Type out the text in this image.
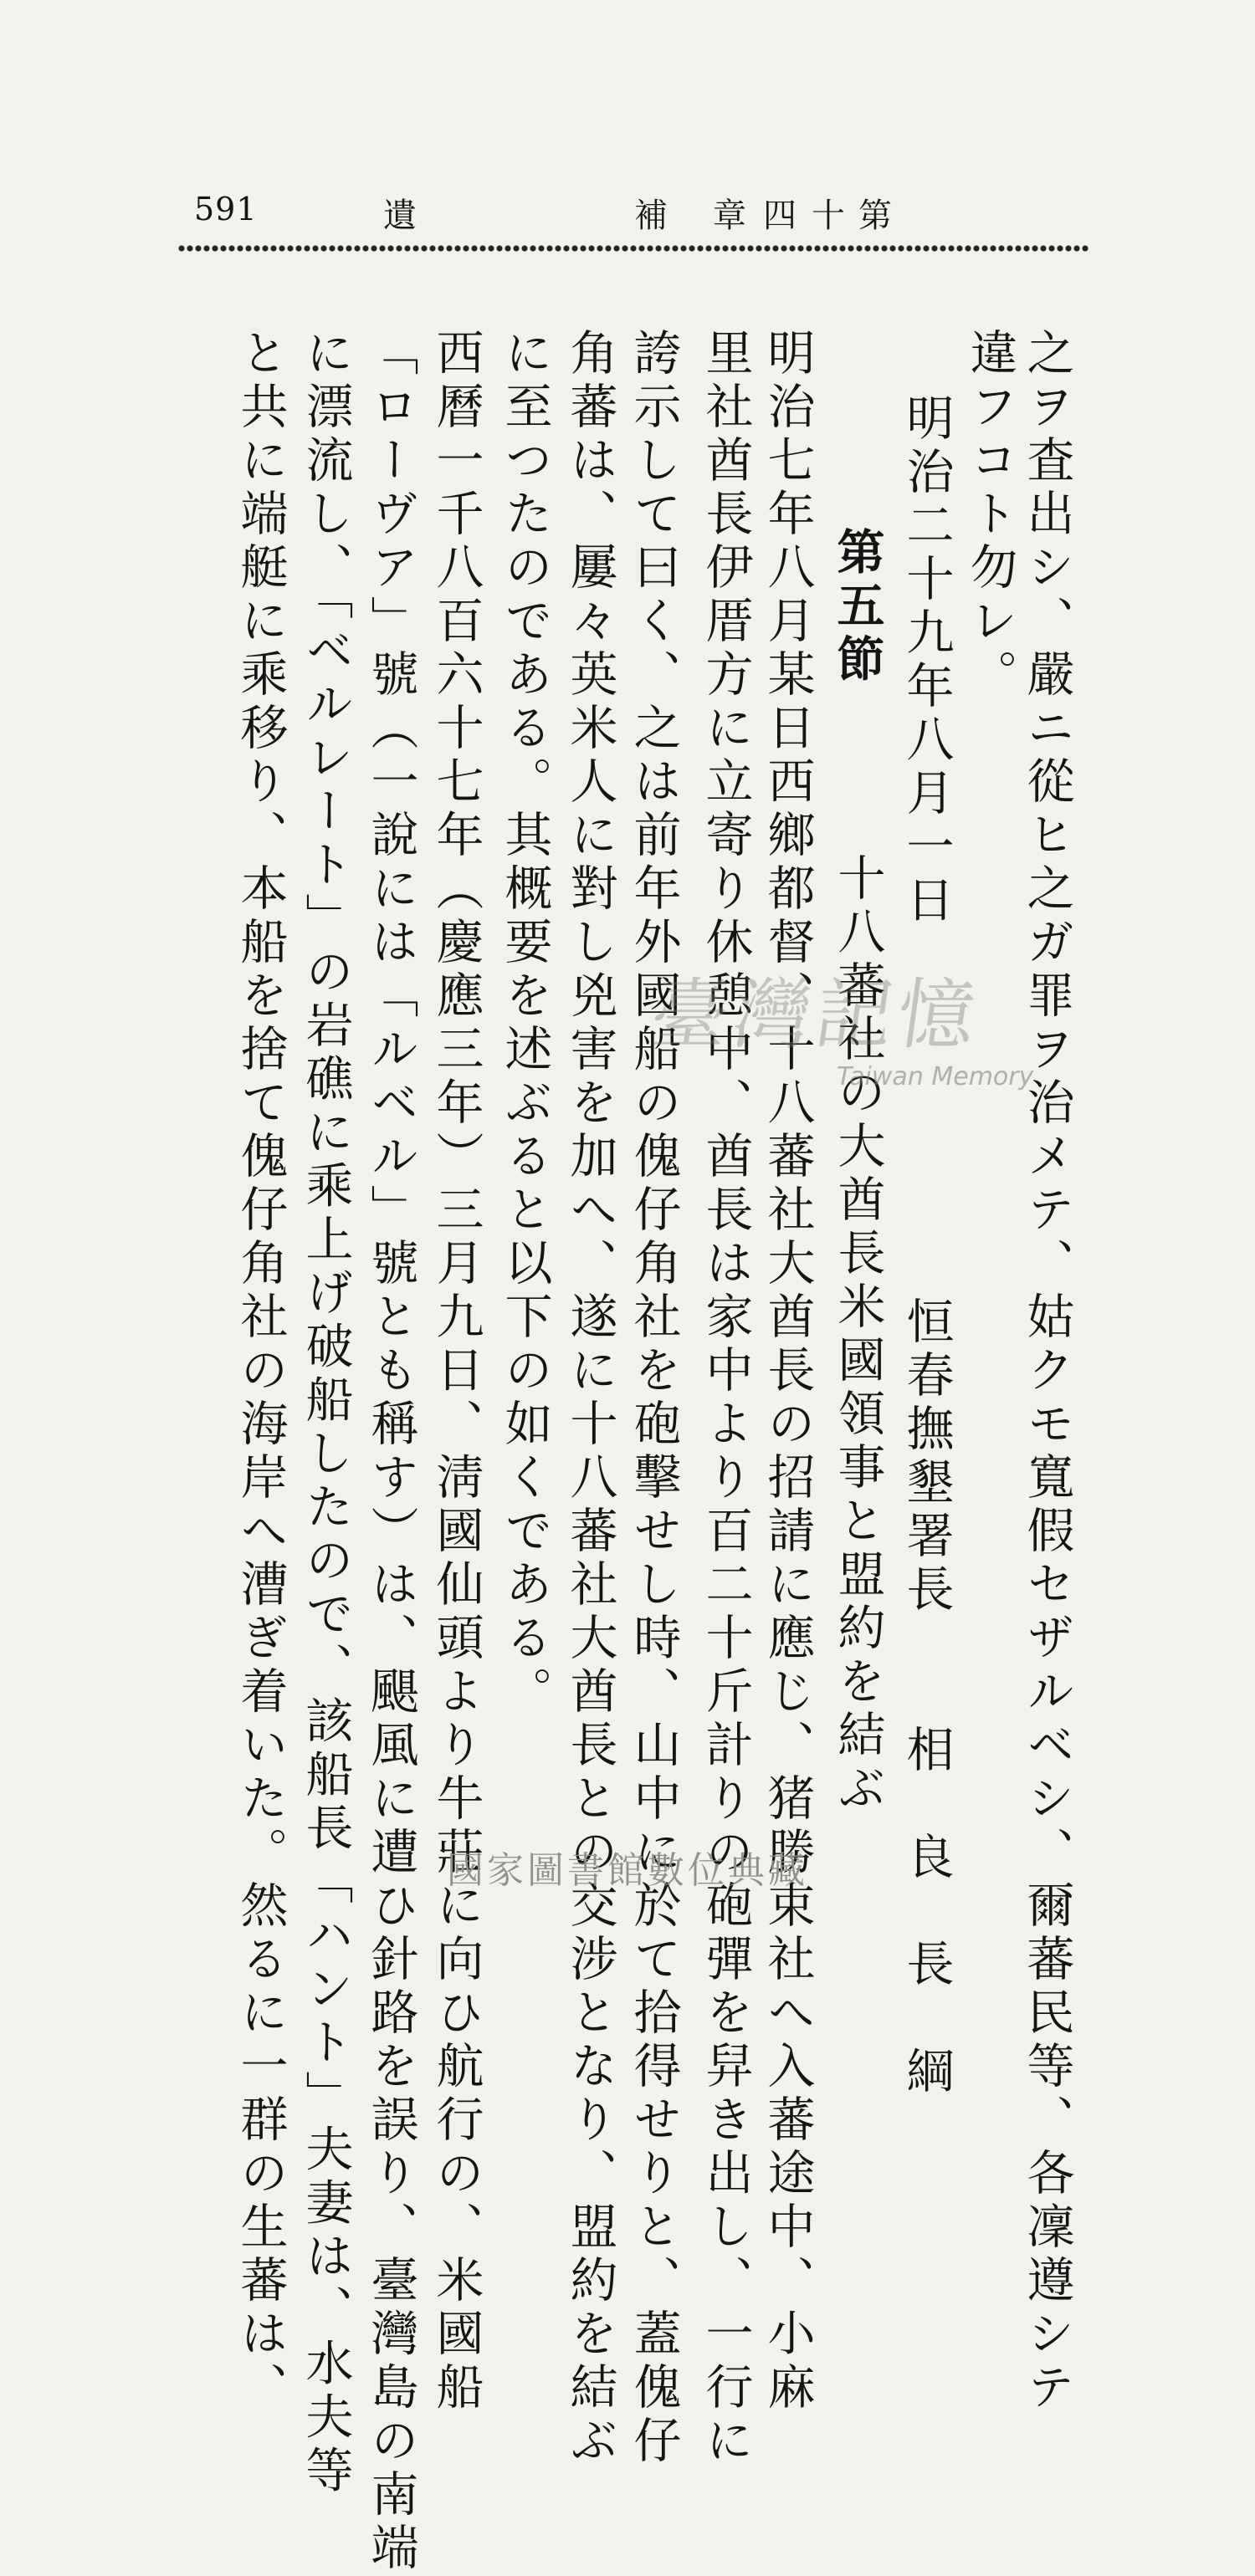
591	遺	補 章 四 十 第
之ヲ査出シ、嚴ニ從ヒ之ガ罪ヲ治メテ、姑クモ寬假セザルベシ、爾蕃民等、各凜遵シテ
違フコト勿レ。
明治二十九年八月一日
恒春撫墾署長　　相　良　長　綱
第五節
十八蕃社の大酋長米國領事と盟約を結ぶ
明治七年八月某日西鄉都督、十八蕃社大酋長の招請に應じ、猪勝束社へ入蕃途中、小麻
里社酋長伊厝方に立寄り休憩中、酋長は家中より百二十斤計りの砲彈を舁き出し、一行に
誇示して曰く、之は前年外國船の傀仔角社を砲擊せし時、山中に於て拾得せりと、蓋傀仔
角蕃は、屢々英米人に對し兇害を加へ、遂に十八蕃社大酋長との交涉となり、盟約を結ぶ
に至つたのである。其概要を述ぶると以下の如くである。
西曆一千八百六十七年（慶應三年）三月九日、淸國仙頭より牛莊に向ひ航行の、米國船
「ローヴア」號（一說には「ルベル」號とも稱す）は、颶風に遭ひ針路を誤り、臺灣島の南端
に漂流し、「ベルレート」の岩礁に乘上げ破船したので、該船長「ハント」夫妻は、水夫等
と共に端艇に乘移り、本船を捨て傀仔角社の海岸へ漕ぎ着いた。然るに一群の生蕃は、	臺灣記憶
Taiwan Memory
國家圖書館數位典藏
